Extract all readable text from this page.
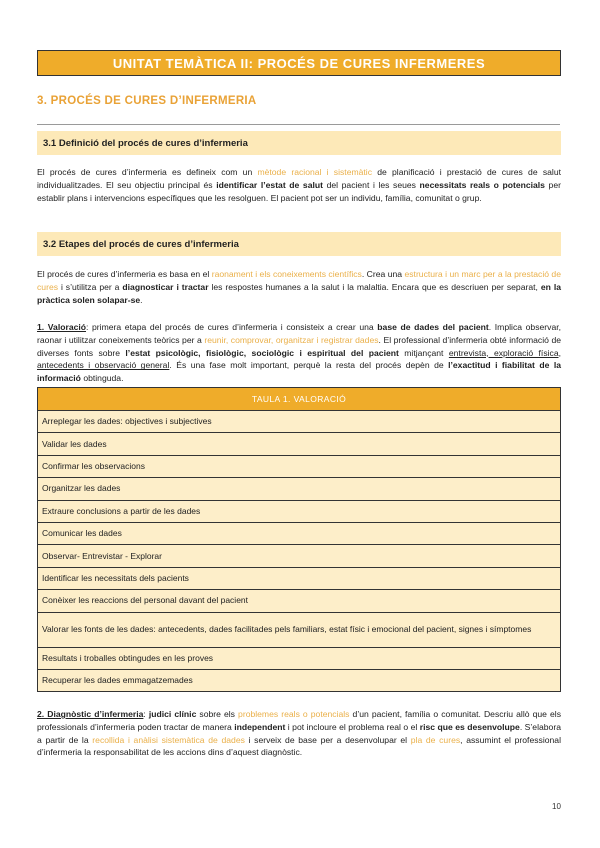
UNITAT TEMÀTICA II: PROCÉS DE CURES INFERMERES
3. PROCÉS DE CURES D’INFERMERIA
3.1 Definició del procés de cures d’infermeria

El procés de cures d’infermeria es defineix com un mètode racional i sistemàtic de planificació i prestació de cures de salut individualitzades. El seu objectiu principal és identificar l’estat de salut del pacient i les seues necessitats reals o potencials per establir plans i intervencions específiques que les resolguen. El pacient pot ser un individu, família, comunitat o grup.

3.2 Etapes del procés de cures d’infermeria

El procés de cures d’infermeria es basa en el raonament i els coneixements científics. Crea una estructura i un marc per a la prestació de cures i s’utilitza per a diagnosticar i tractar les respostes humanes a la salut i la malaltia. Encara que es descriuen per separat, en la pràctica solen solapar-se.

1. Valoració: primera etapa del procés de cures d’infermeria i consisteix a crear una base de dades del pacient. Implica observar, raonar i utilitzar coneixements teòrics per a reunir, comprovar, organitzar i registrar dades. El professional d’infermeria obté informació de diverses fonts sobre l’estat psicològic, fisiològic, sociològic i espiritual del pacient mitjançant entrevista, exploració física, antecedents i observació general. És una fase molt important, perquè la resta del procés depèn de l’exactitud i fiabilitat de la informació obtinguda.

TAULA 1. VALORACIÓ
Arreplegar les dades: objectives i subjectives
Validar les dades
Confirmar les observacions
Organitzar les dades
Extraure conclusions a partir de les dades
Comunicar les dades
Observar- Entrevistar - Explorar
Identificar les necessitats dels pacients
Conèixer les reaccions del personal davant del pacient
Valorar les fonts de les dades: antecedents, dades facilitades pels familiars, estat físic i emocional del pacient, signes i símptomes
Resultats i troballes obtingudes en les proves
Recuperar les dades emmagatzemades

2. Diagnòstic d’infermeria: judici clínic sobre els problemes reals o potencials d’un pacient, família o comunitat. Descriu allò que els professionals d’infermeria poden tractar de manera independent i pot incloure el problema real o el risc que es desenvolupe. S’elabora a partir de la recollida i anàlisi sistemàtica de dades i serveix de base per a desenvolupar el pla de cures, assumint el professional d’infermeria la responsabilitat de les accions dins d’aquest diagnòstic.

10
